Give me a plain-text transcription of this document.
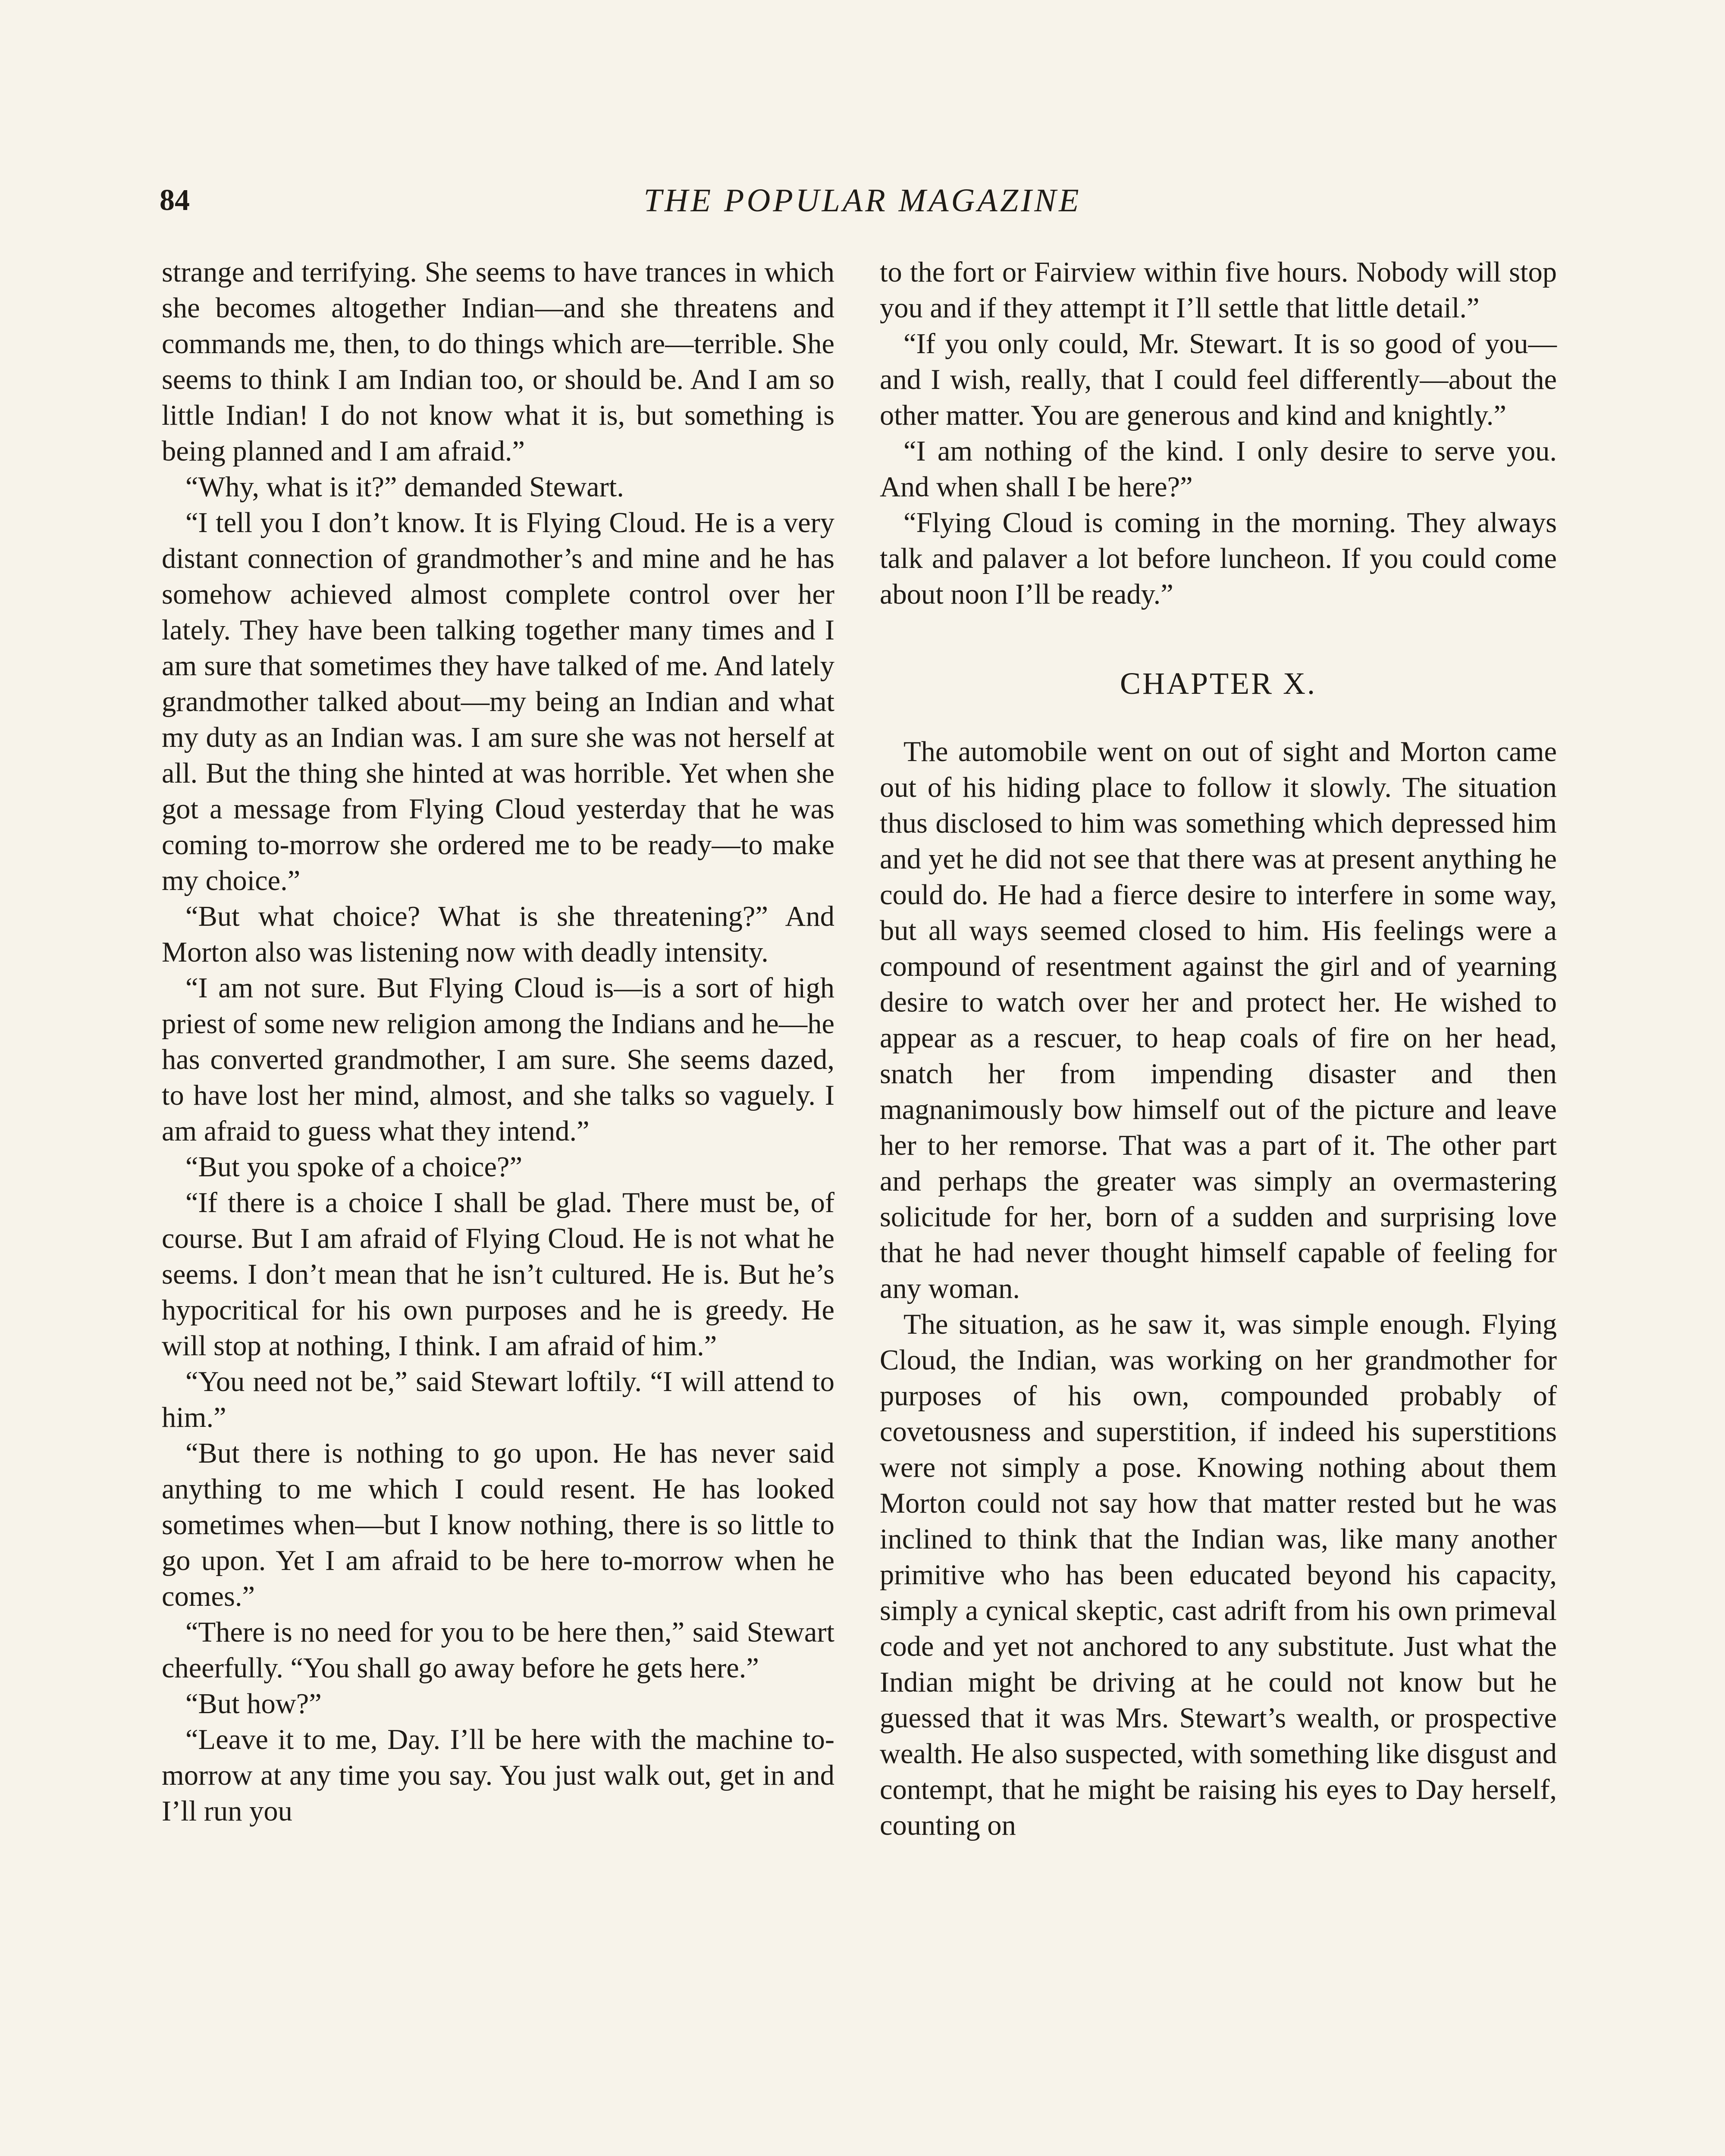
84	THE POPULAR MAGAZINE

strange and terrifying. She seems to have trances in which she becomes altogether Indian—and she threatens and commands me, then, to do things which are—terrible. She seems to think I am Indian too, or should be. And I am so little Indian! I do not know what it is, but something is being planned and I am afraid.”

“Why, what is it?” demanded Stewart.

“I tell you I don’t know. It is Flying Cloud. He is a very distant connection of grandmother’s and mine and he has somehow achieved almost complete control over her lately. They have been talking together many times and I am sure that sometimes they have talked of me. And lately grandmother talked about—my being an Indian and what my duty as an Indian was. I am sure she was not herself at all. But the thing she hinted at was horrible. Yet when she got a message from Flying Cloud yesterday that he was coming to-morrow she ordered me to be ready—to make my choice.”

“But what choice? What is she threatening?” And Morton also was listening now with deadly intensity.

“I am not sure. But Flying Cloud is—is a sort of high priest of some new religion among the Indians and he—he has converted grandmother, I am sure. She seems dazed, to have lost her mind, almost, and she talks so vaguely. I am afraid to guess what they intend.”

“But you spoke of a choice?”

“If there is a choice I shall be glad. There must be, of course. But I am afraid of Flying Cloud. He is not what he seems. I don’t mean that he isn’t cultured. He is. But he’s hypocritical for his own purposes and he is greedy. He will stop at nothing, I think. I am afraid of him.”

“You need not be,” said Stewart loftily. “I will attend to him.”

“But there is nothing to go upon. He has never said anything to me which I could resent. He has looked sometimes when—but I know nothing, there is so little to go upon. Yet I am afraid to be here to-morrow when he comes.”

“There is no need for you to be here then,” said Stewart cheerfully. “You shall go away before he gets here.”

“But how?”

“Leave it to me, Day. I’ll be here with the machine to-morrow at any time you say. You just walk out, get in and I’ll run you

to the fort or Fairview within five hours. Nobody will stop you and if they attempt it I’ll settle that little detail.”

“If you only could, Mr. Stewart. It is so good of you—and I wish, really, that I could feel differently—about the other matter. You are generous and kind and knightly.”

“I am nothing of the kind. I only desire to serve you. And when shall I be here?”

“Flying Cloud is coming in the morning. They always talk and palaver a lot before luncheon. If you could come about noon I’ll be ready.”

CHAPTER X.

The automobile went on out of sight and Morton came out of his hiding place to follow it slowly. The situation thus disclosed to him was something which depressed him and yet he did not see that there was at present anything he could do. He had a fierce desire to interfere in some way, but all ways seemed closed to him. His feelings were a compound of resentment against the girl and of yearning desire to watch over her and protect her. He wished to appear as a rescuer, to heap coals of fire on her head, snatch her from impending disaster and then magnanimously bow himself out of the picture and leave her to her remorse. That was a part of it. The other part and perhaps the greater was simply an overmastering solicitude for her, born of a sudden and surprising love that he had never thought himself capable of feeling for any woman.

The situation, as he saw it, was simple enough. Flying Cloud, the Indian, was working on her grandmother for purposes of his own, compounded probably of covetousness and superstition, if indeed his superstitions were not simply a pose. Knowing nothing about them Morton could not say how that matter rested but he was inclined to think that the Indian was, like many another primitive who has been educated beyond his capacity, simply a cynical skeptic, cast adrift from his own primeval code and yet not anchored to any substitute. Just what the Indian might be driving at he could not know but he guessed that it was Mrs. Stewart’s wealth, or prospective wealth. He also suspected, with something like disgust and contempt, that he might be raising his eyes to Day herself, counting on
